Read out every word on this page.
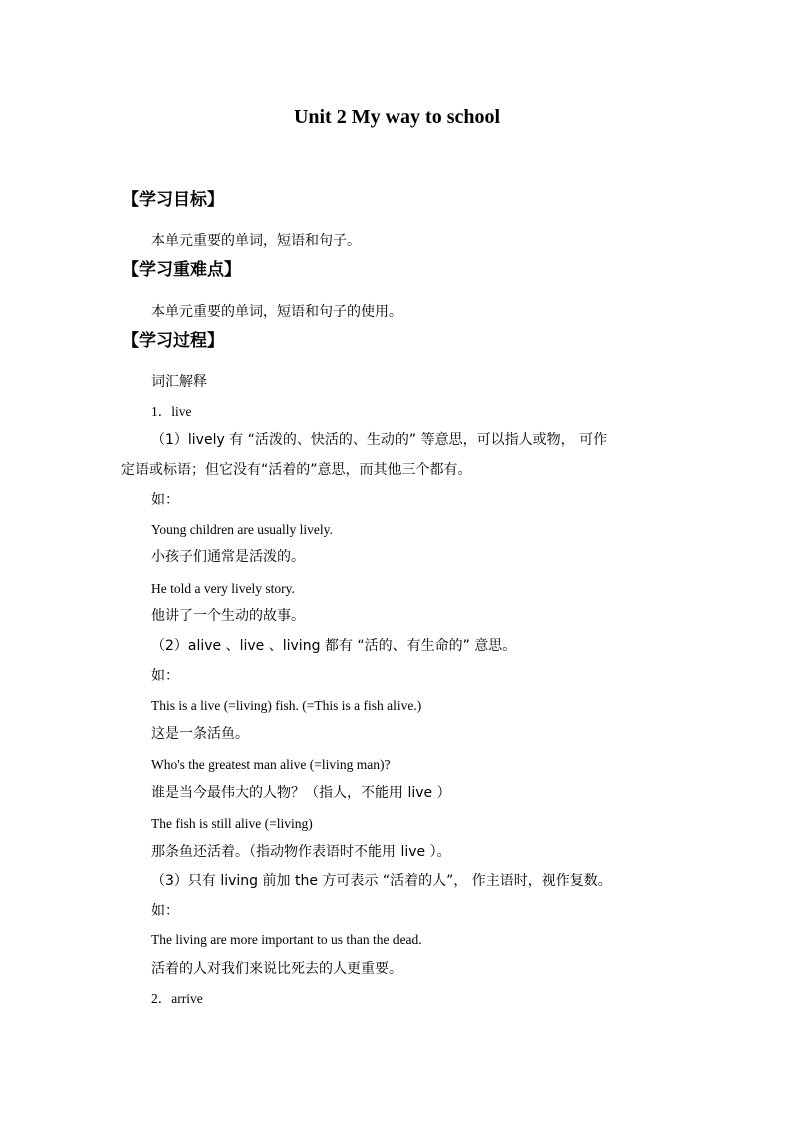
Unit 2 My way to school
【学习目标】
本单元重要的单词，短语和句子。
【学习重难点】
本单元重要的单词，短语和句子的使用。
【学习过程】
词汇解释
1．live
（1）lively 有 “活泼的、快活的、生动的” 等意思，可以指人或物， 可作
定语或标语；但它没有“活着的”意思，而其他三个都有。
如：
Young children are usually lively.
小孩子们通常是活泼的。
He told a very lively story.
他讲了一个生动的故事。
（2）alive 、live 、living 都有 “活的、有生命的” 意思。
如：
This is a live (=living) fish. (=This is a fish alive.)
这是一条活鱼。
Who's the greatest man alive (=living man)?
谁是当今最伟大的人物？（指人，不能用 live ）
The fish is still alive (=living)
那条鱼还活着。（指动物作表语时不能用 live ）。
（3）只有 living 前加 the 方可表示 “活着的人”， 作主语时，视作复数。
如：
The living are more important to us than the dead.
活着的人对我们来说比死去的人更重要。
2．arrive
